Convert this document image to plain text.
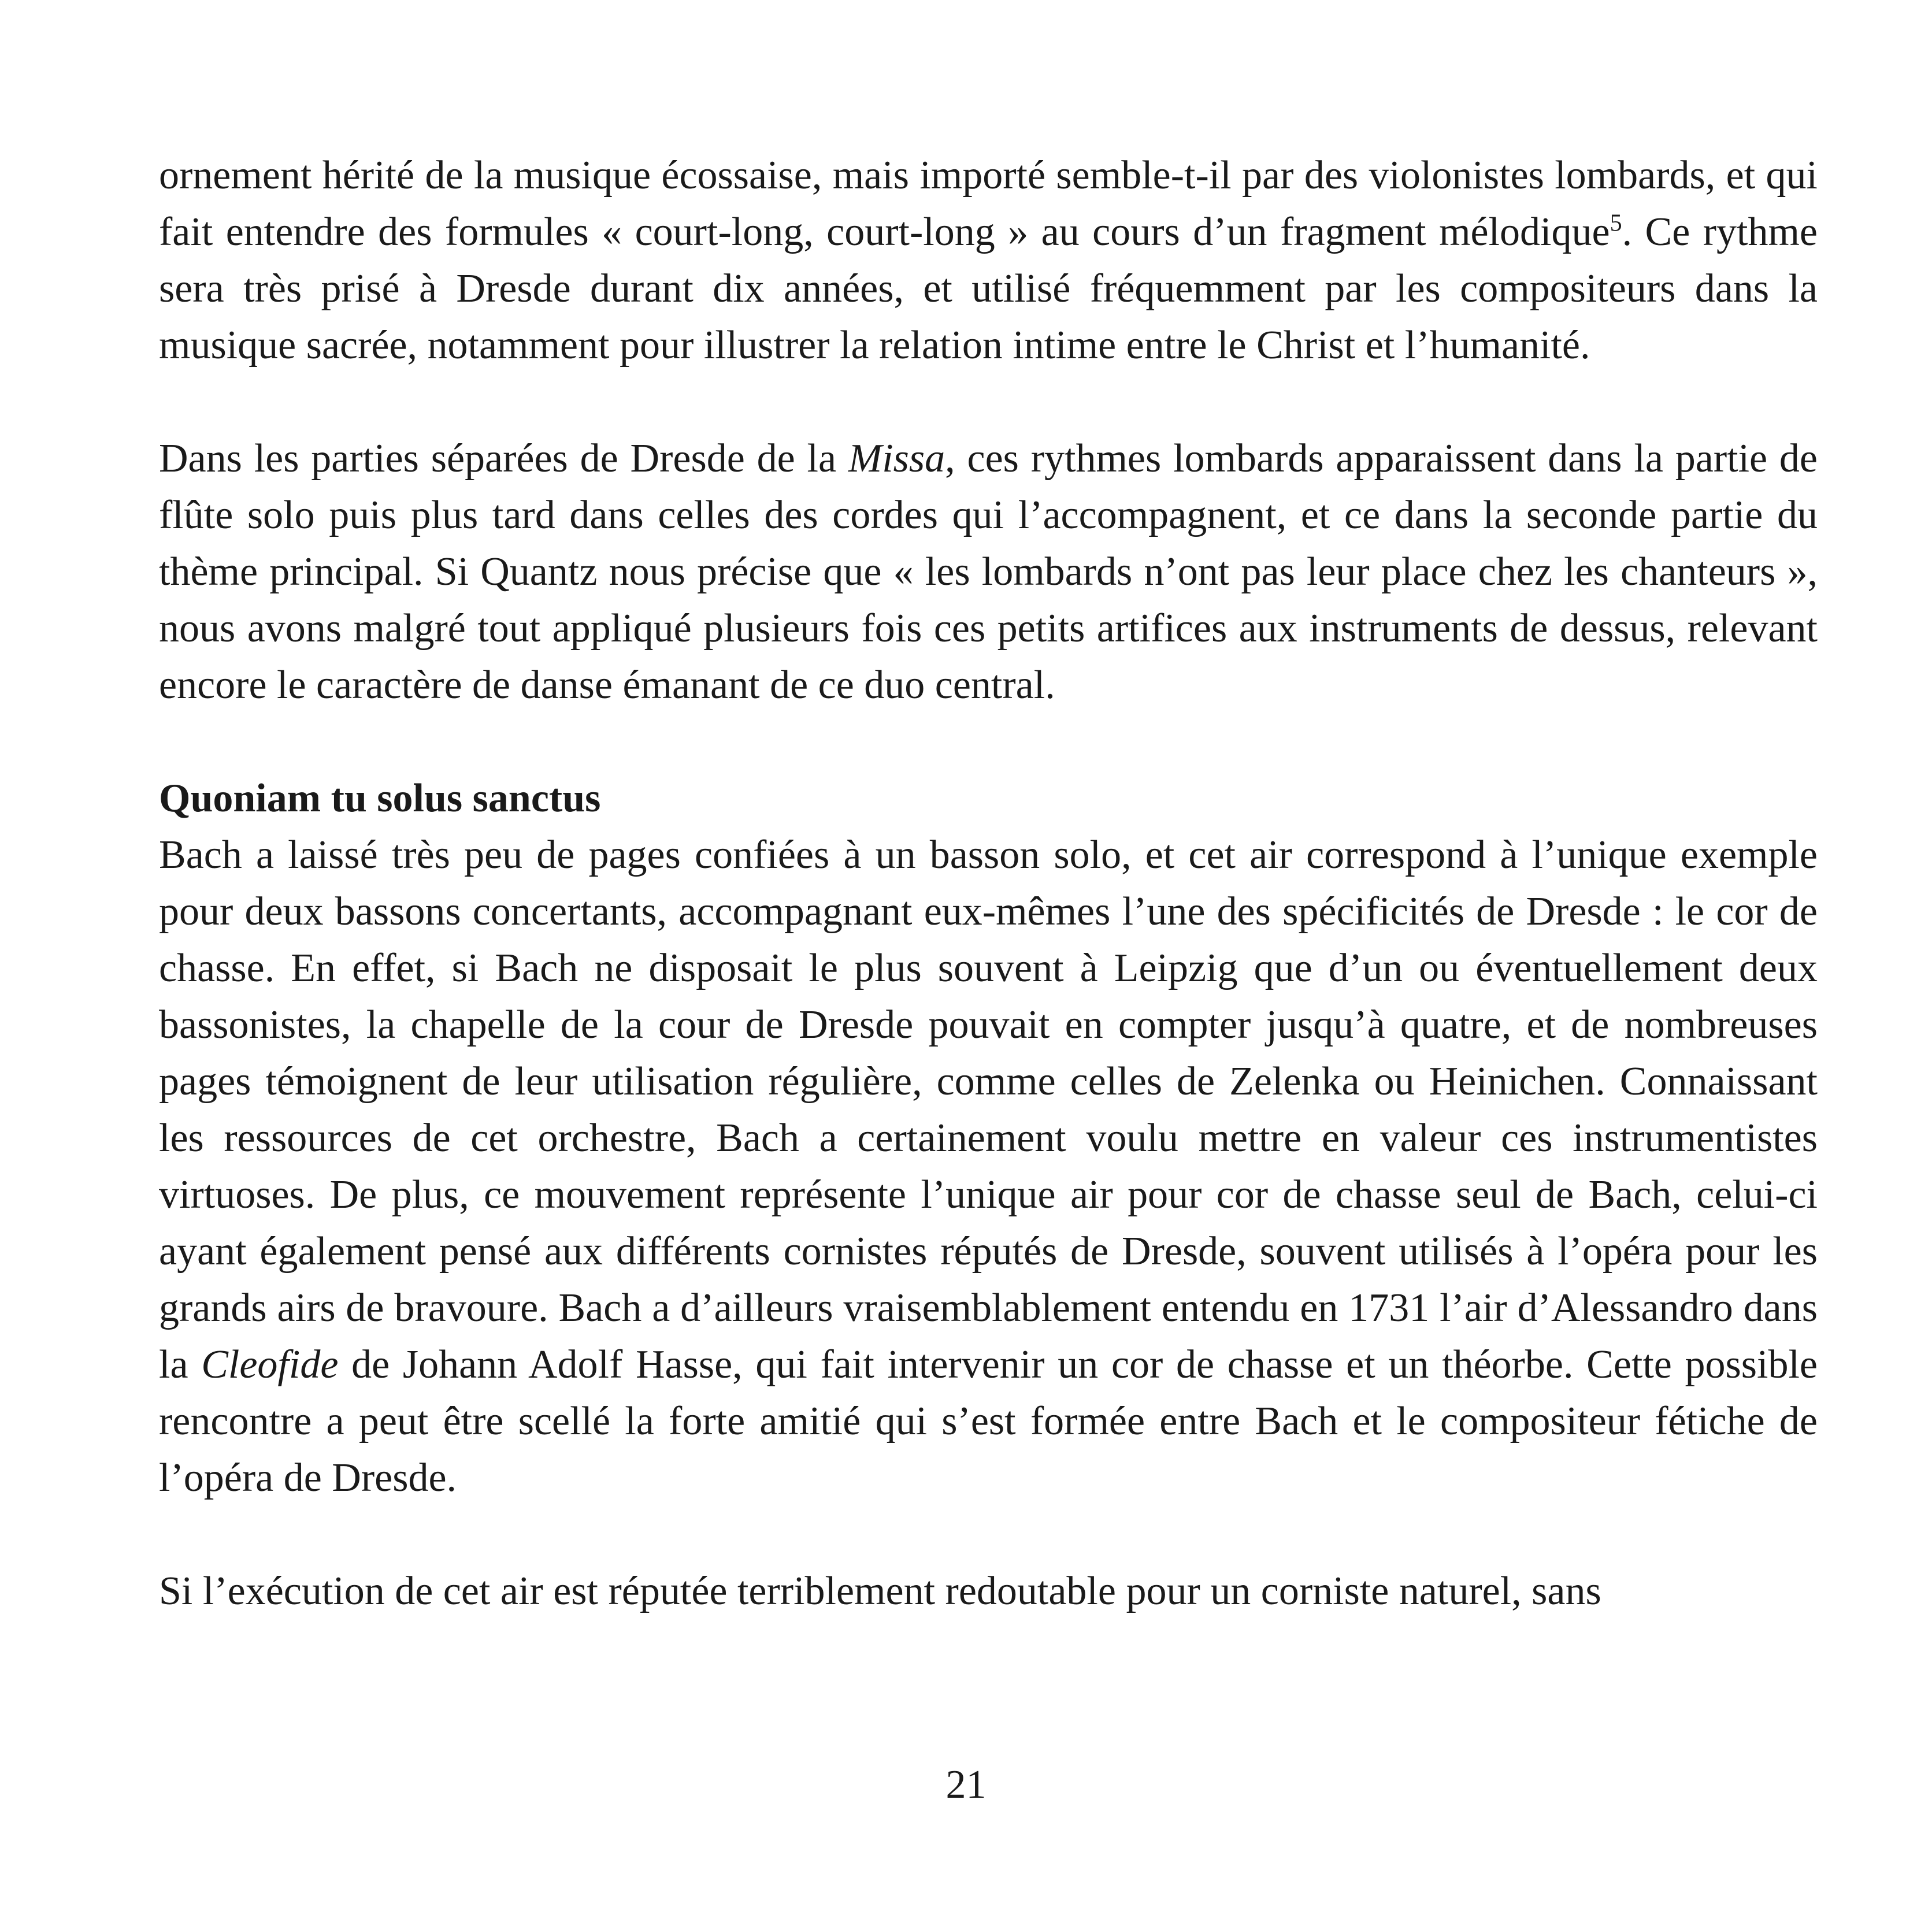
ornement hérité de la musique écossaise, mais importé semble-t-il par des violonistes lombards, et qui fait entendre des formules « court-long, court-long » au cours d’un fragment mélodique$^5$. Ce rythme sera très prisé à Dresde durant dix années, et utilisé fréquemment par les compositeurs dans la musique sacrée, notamment pour illustrer la relation intime entre le Christ et l’humanité.

Dans les parties séparées de Dresde de la Missa, ces rythmes lombards apparaissent dans la partie de flûte solo puis plus tard dans celles des cordes qui l’accompagnent, et ce dans la seconde partie du thème principal. Si Quantz nous précise que « les lombards n’ont pas leur place chez les chanteurs », nous avons malgré tout appliqué plusieurs fois ces petits artifices aux instruments de dessus, relevant encore le caractère de danse émanant de ce duo central.

Quoniam tu solus sanctus

Bach a laissé très peu de pages confiées à un basson solo, et cet air correspond à l’unique exemple pour deux bassons concertants, accompagnant eux-mêmes l’une des spécificités de Dresde : le cor de chasse. En effet, si Bach ne disposait le plus souvent à Leipzig que d’un ou éventuellement deux bassonistes, la chapelle de la cour de Dresde pouvait en compter jusqu’à quatre, et de nombreuses pages témoignent de leur utilisation régulière, comme celles de Zelenka ou Heinichen. Connaissant les ressources de cet orchestre, Bach a certainement voulu mettre en valeur ces instrumentistes virtuoses. De plus, ce mouvement représente l’unique air pour cor de chasse seul de Bach, celui-ci ayant également pensé aux différents cornistes réputés de Dresde, souvent utilisés à l’opéra pour les grands airs de bravoure. Bach a d’ailleurs vraisemblablement entendu en 1731 l’air d’Alessandro dans la Cleofide de Johann Adolf Hasse, qui fait intervenir un cor de chasse et un théorbe. Cette possible rencontre a peut être scellé la forte amitié qui s’est formée entre Bach et le compositeur fétiche de l’opéra de Dresde.

Si l’exécution de cet air est réputée terriblement redoutable pour un corniste naturel, sans

21
